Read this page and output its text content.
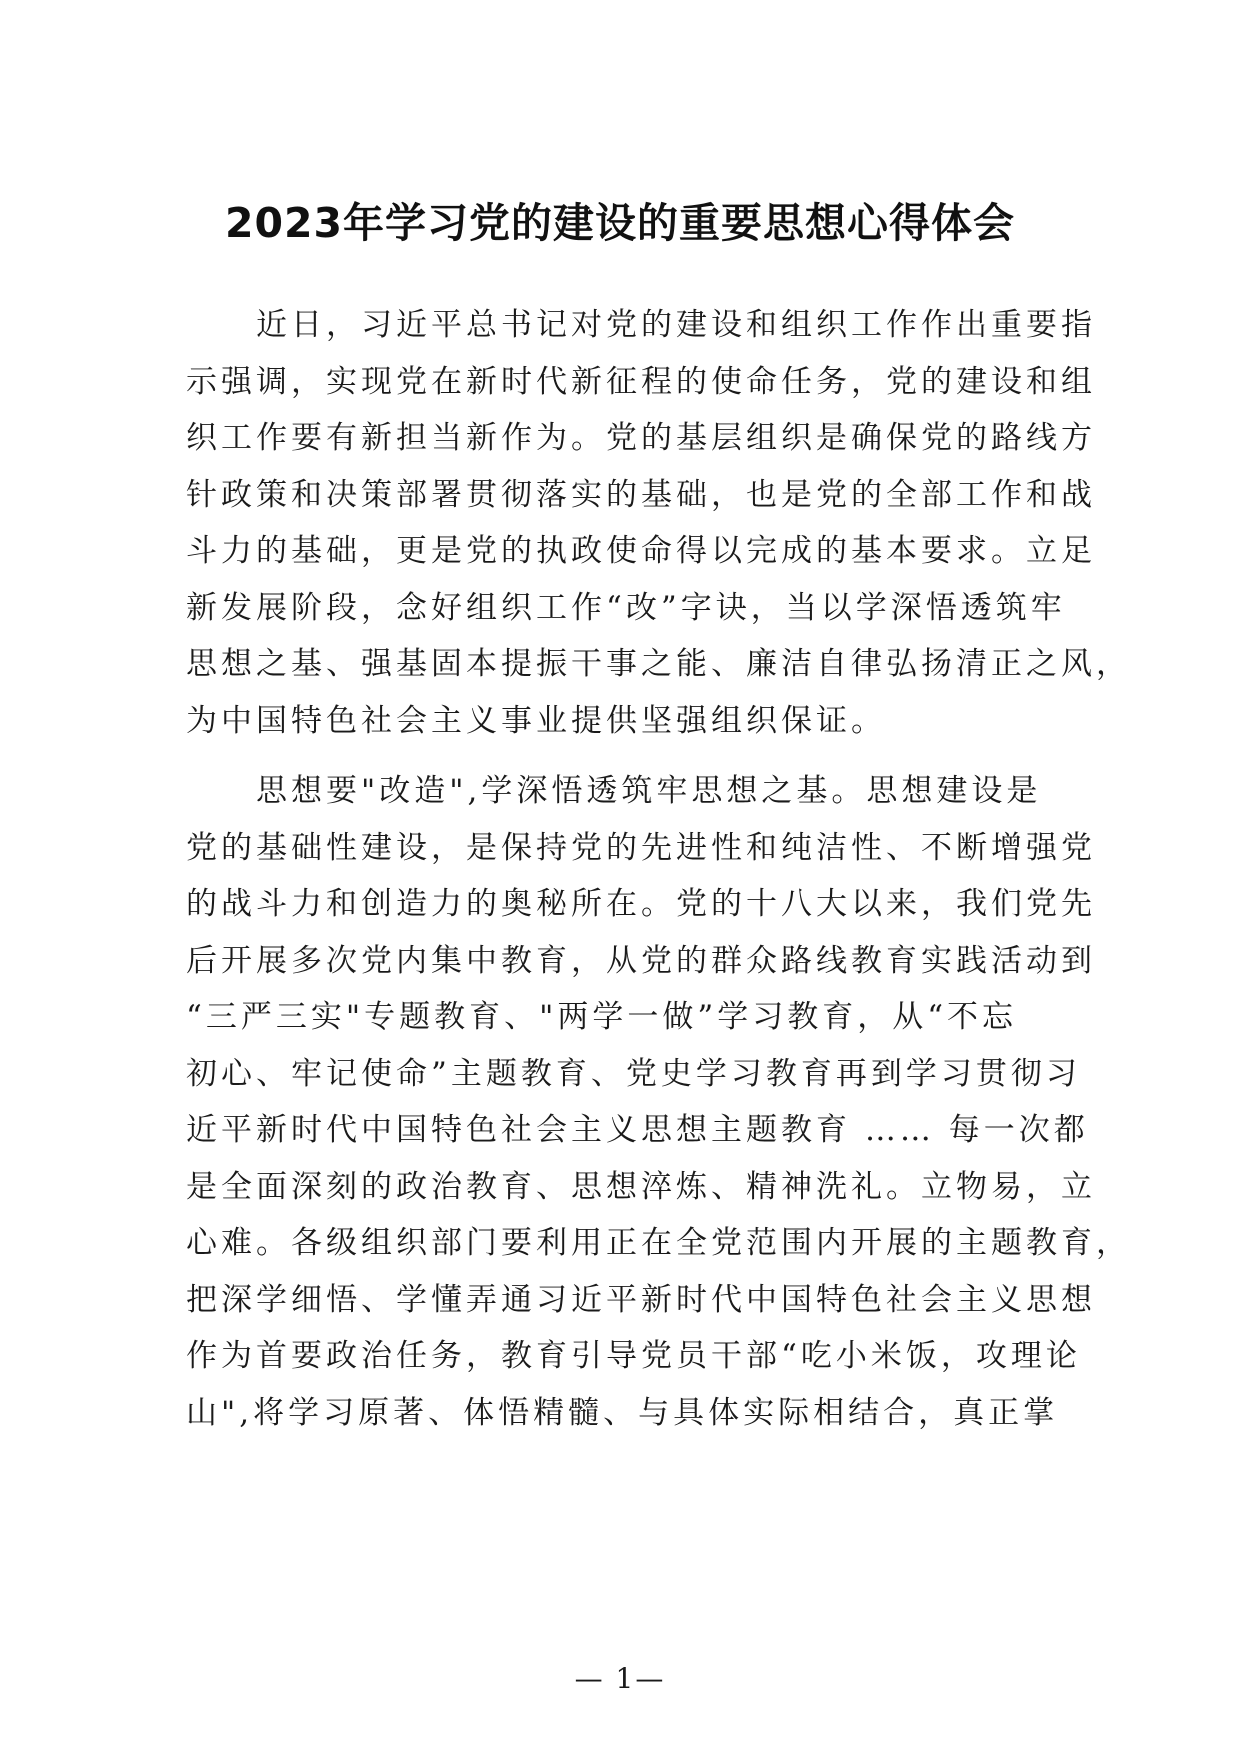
2023年学习党的建设的重要思想心得体会
近日，习近平总书记对党的建设和组织工作作出重要指
示强调，实现党在新时代新征程的使命任务，党的建设和组
织工作要有新担当新作为。党的基层组织是确保党的路线方
针政策和决策部署贯彻落实的基础，也是党的全部工作和战
斗力的基础，更是党的执政使命得以完成的基本要求。立足
新发展阶段，念好组织工作“改”字诀，当以学深悟透筑牢
思想之基、强基固本提振干事之能、廉洁自律弘扬清正之风，
为中国特色社会主义事业提供坚强组织保证。
思想要"改造",学深悟透筑牢思想之基。思想建设是
党的基础性建设，是保持党的先进性和纯洁性、不断增强党
的战斗力和创造力的奥秘所在。党的十八大以来，我们党先
后开展多次党内集中教育，从党的群众路线教育实践活动到
“三严三实"专题教育、"两学一做”学习教育，从“不忘
初心、牢记使命”主题教育、党史学习教育再到学习贯彻习
近平新时代中国特色社会主义思想主题教育 …… 每一次都
是全面深刻的政治教育、思想淬炼、精神洗礼。立物易，立
心难。各级组织部门要利用正在全党范围内开展的主题教育，
把深学细悟、学懂弄通习近平新时代中国特色社会主义思想
作为首要政治任务，教育引导党员干部“吃小米饭，攻理论
山",将学习原著、体悟精髓、与具体实际相结合，真正掌
— 1—
